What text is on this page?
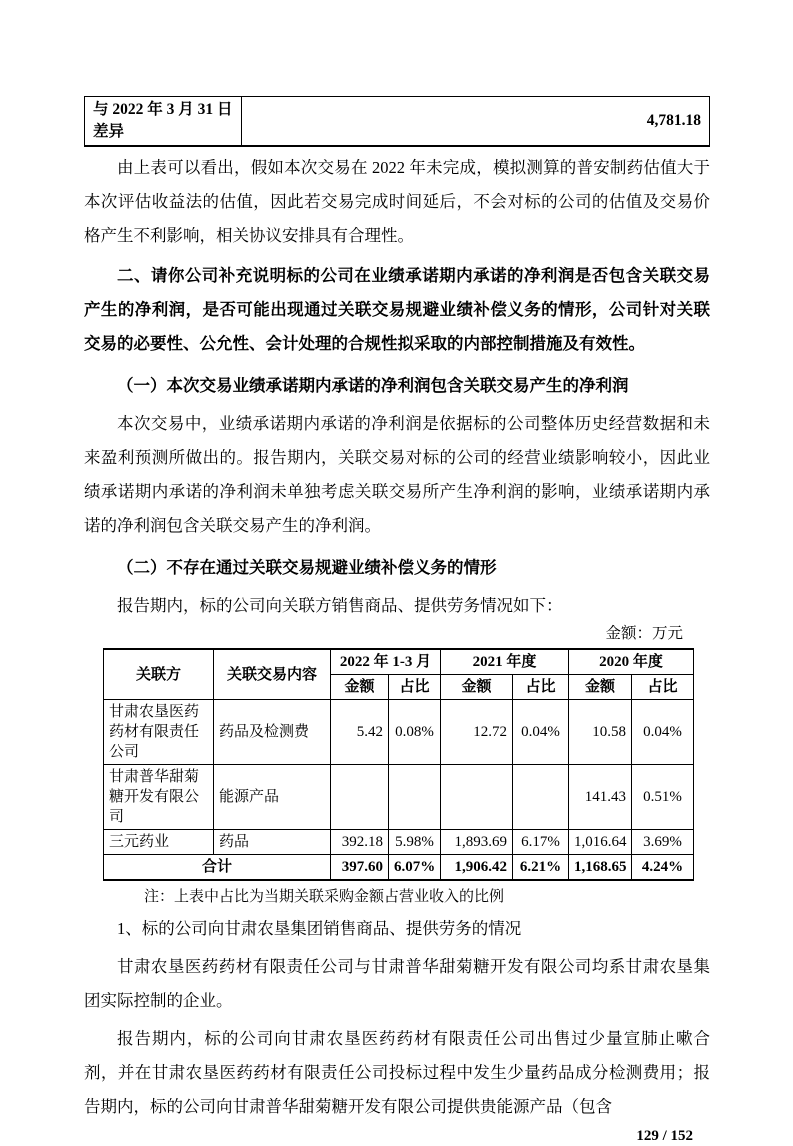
与 2022 年 3 月 31 日差异	4,781.18

由上表可以看出，假如本次交易在 2022 年未完成，模拟测算的普安制药估值大于本次评估收益法的估值，因此若交易完成时间延后，不会对标的公司的估值及交易价格产生不利影响，相关协议安排具有合理性。

二、请你公司补充说明标的公司在业绩承诺期内承诺的净利润是否包含关联交易产生的净利润，是否可能出现通过关联交易规避业绩补偿义务的情形，公司针对关联交易的必要性、公允性、会计处理的合规性拟采取的内部控制措施及有效性。

（一）本次交易业绩承诺期内承诺的净利润包含关联交易产生的净利润

本次交易中，业绩承诺期内承诺的净利润是依据标的公司整体历史经营数据和未来盈利预测所做出的。报告期内，关联交易对标的公司的经营业绩影响较小，因此业绩承诺期内承诺的净利润未单独考虑关联交易所产生净利润的影响，业绩承诺期内承诺的净利润包含关联交易产生的净利润。

（二）不存在通过关联交易规避业绩补偿义务的情形

报告期内，标的公司向关联方销售商品、提供劳务情况如下：

金额：万元
关联方	关联交易内容	2022 年 1-3 月		2021 年度		2020 年度	
		金额	占比	金额	占比	金额	占比
甘肃农垦医药药材有限责任公司	药品及检测费	5.42	0.08%	12.72	0.04%	10.58	0.04%
甘肃普华甜菊糖开发有限公司	能源产品					141.43	0.51%
三元药业	药品	392.18	5.98%	1,893.69	6.17%	1,016.64	3.69%
合计		397.60	6.07%	1,906.42	6.21%	1,168.65	4.24%
注：上表中占比为当期关联采购金额占营业收入的比例

1、标的公司向甘肃农垦集团销售商品、提供劳务的情况

甘肃农垦医药药材有限责任公司与甘肃普华甜菊糖开发有限公司均系甘肃农垦集团实际控制的企业。

报告期内，标的公司向甘肃农垦医药药材有限责任公司出售过少量宣肺止嗽合剂，并在甘肃农垦医药药材有限责任公司投标过程中发生少量药品成分检测费用；报告期内，标的公司向甘肃普华甜菊糖开发有限公司提供贵能源产品（包含

129 / 152
